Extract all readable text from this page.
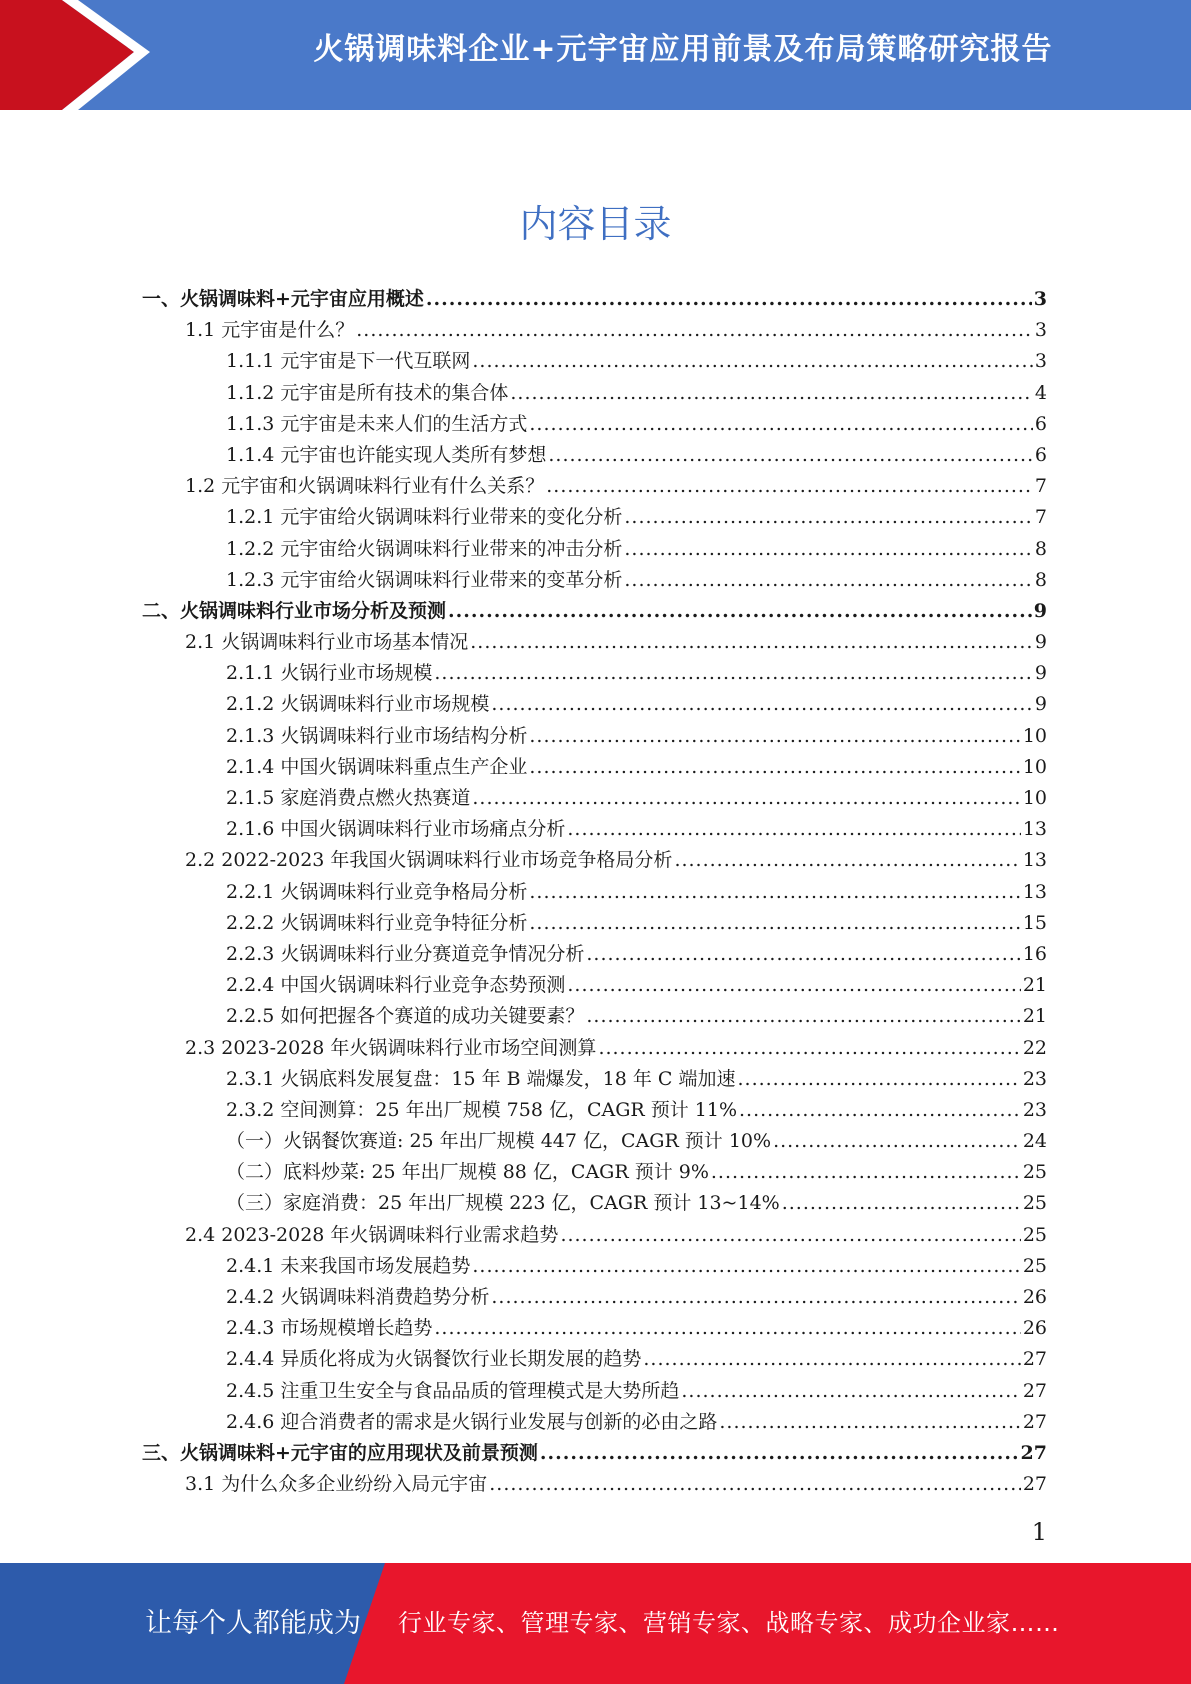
火锅调味料企业+元宇宙应用前景及布局策略研究报告
内容目录
一、火锅调味料+元宇宙应用概述 .....	3
1.1 元宇宙是什么？ .....	3
1.1.1 元宇宙是下一代互联网 .....	3
1.1.2 元宇宙是所有技术的集合体 .....	4
1.1.3 元宇宙是未来人们的生活方式 .....	6
1.1.4 元宇宙也许能实现人类所有梦想 .....	6
1.2 元宇宙和火锅调味料行业有什么关系？ .....	7
1.2.1 元宇宙给火锅调味料行业带来的变化分析 .....	7
1.2.2 元宇宙给火锅调味料行业带来的冲击分析 .....	8
1.2.3 元宇宙给火锅调味料行业带来的变革分析 .....	8
二、火锅调味料行业市场分析及预测 .....	9
2.1 火锅调味料行业市场基本情况 .....	9
2.1.1 火锅行业市场规模 .....	9
2.1.2 火锅调味料行业市场规模 .....	9
2.1.3 火锅调味料行业市场结构分析 .....	10
2.1.4 中国火锅调味料重点生产企业 .....	10
2.1.5 家庭消费点燃火热赛道 .....	10
2.1.6 中国火锅调味料行业市场痛点分析 .....	13
2.2 2022-2023 年我国火锅调味料行业市场竞争格局分析 .....	13
2.2.1 火锅调味料行业竞争格局分析 .....	13
2.2.2 火锅调味料行业竞争特征分析 .....	15
2.2.3 火锅调味料行业分赛道竞争情况分析 .....	16
2.2.4 中国火锅调味料行业竞争态势预测 .....	21
2.2.5 如何把握各个赛道的成功关键要素？ .....	21
2.3 2023-2028 年火锅调味料行业市场空间测算 .....	22
2.3.1 火锅底料发展复盘：15 年 B 端爆发，18 年 C 端加速 .....	23
2.3.2 空间测算：25 年出厂规模 758 亿，CAGR 预计 11% .....	23
（一）火锅餐饮赛道: 25 年出厂规模 447 亿，CAGR 预计 10% .....	24
（二）底料炒菜: 25 年出厂规模 88 亿，CAGR 预计 9% .....	25
（三）家庭消费：25 年出厂规模 223 亿，CAGR 预计 13~14% .....	25
2.4 2023-2028 年火锅调味料行业需求趋势 .....	25
2.4.1 未来我国市场发展趋势 .....	25
2.4.2 火锅调味料消费趋势分析 .....	26
2.4.3 市场规模增长趋势 .....	26
2.4.4 异质化将成为火锅餐饮行业长期发展的趋势 .....	27
2.4.5 注重卫生安全与食品品质的管理模式是大势所趋 .....	27
2.4.6 迎合消费者的需求是火锅行业发展与创新的必由之路 .....	27
三、火锅调味料+元宇宙的应用现状及前景预测 .....	27
3.1 为什么众多企业纷纷入局元宇宙 .....	27
1
让每个人都能成为 行业专家、管理专家、营销专家、战略专家、成功企业家……
